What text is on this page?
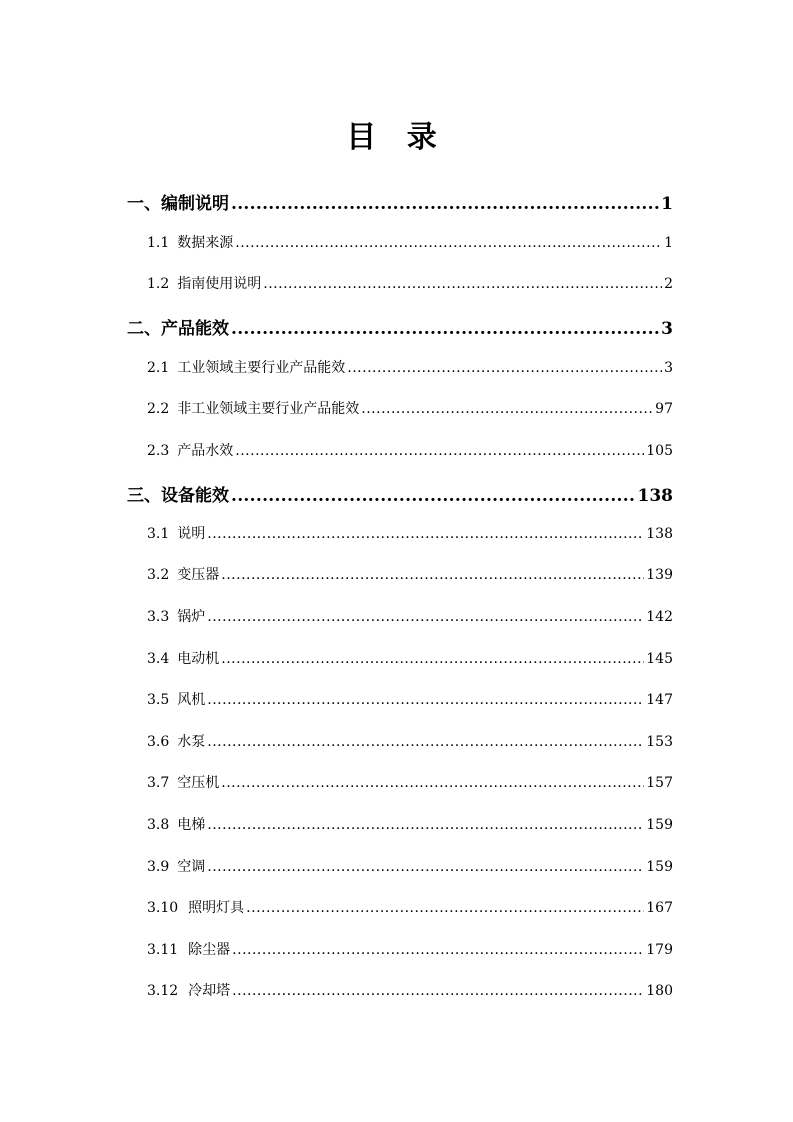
目 录
一、编制说明 .....	1
1.1 数据来源 .....	1
1.2 指南使用说明 .....	2
二、产品能效 .....	3
2.1 工业领域主要行业产品能效 .....	3
2.2 非工业领域主要行业产品能效 .....	97
2.3 产品水效 .....	105
三、设备能效 .....	138
3.1 说明 .....	138
3.2 变压器 .....	139
3.3 锅炉 .....	142
3.4 电动机 .....	145
3.5 风机 .....	147
3.6 水泵 .....	153
3.7 空压机 .....	157
3.8 电梯 .....	159
3.9 空调 .....	159
3.10 照明灯具 .....	167
3.11 除尘器 .....	179
3.12 冷却塔 .....	180
